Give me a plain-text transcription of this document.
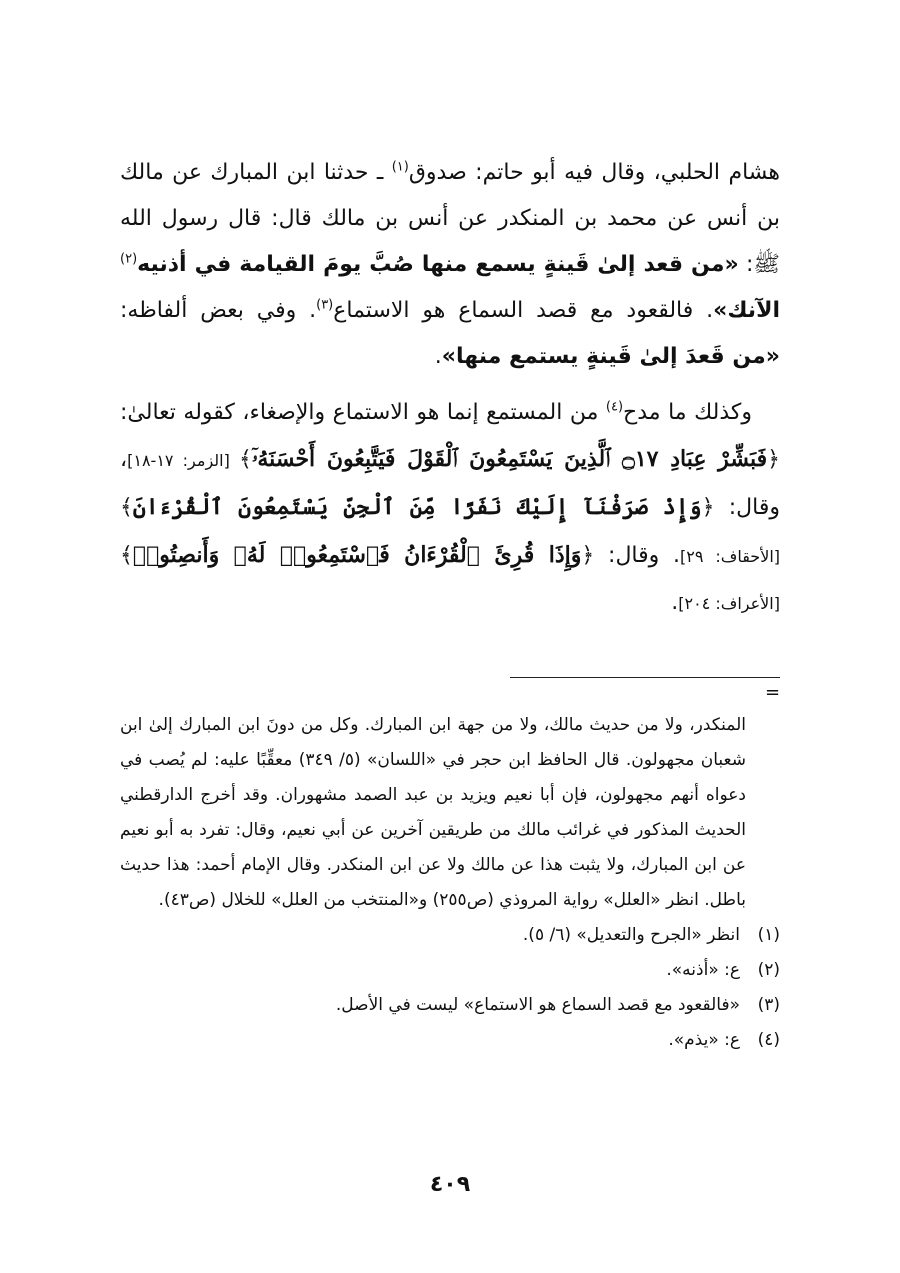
هشام الحلبي، وقال فيه أبو حاتم: صدوق$^{(١)}$ ـ حدثنا ابن المبارك عن مالك بن أنس عن محمد بن المنكدر عن أنس بن مالك قال: قال رسول الله ﷺ: «من قعد إلىٰ قَينةٍ يسمع منها صُبَّ يومَ القيامة في أذنيه$^{(٢)}$ الآنك». فالقعود مع قصد السماع هو الاستماع$^{(٣)}$. وفي بعض ألفاظه: «من قَعدَ إلىٰ قَينةٍ يستمع منها».

وكذلك ما مدح$^{(٤)}$ من المستمع إنما هو الاستماع والإصغاء، كقوله تعالىٰ: ﴿فَبَشِّرْ عِبَادِ ۝١٧ ٱلَّذِينَ يَسْتَمِعُونَ ٱلْقَوْلَ فَيَتَّبِعُونَ أَحْسَنَهُۥٓ﴾ [الزمر: ١٧-١٨]، وقال: ﴿وَإِذْ صَرَفْنَآ إِلَيْكَ نَفَرًا مِّنَ ٱلْجِنِّ يَسْتَمِعُونَ ٱلْقُرْءَانَ﴾ [الأحقاف: ٢٩]. وقال: ﴿وَإِذَا قُرِئَ ٱلْقُرْءَانُ فَٱسْتَمِعُوا۟ لَهُۥ وَأَنصِتُوا۟﴾ [الأعراف: ٢٠٤].

=

المنكدر، ولا من حديث مالك، ولا من جهة ابن المبارك. وكل من دونَ ابن المبارك إلىٰ ابن شعبان مجهولون. قال الحافظ ابن حجر في «اللسان» (٥/ ٣٤٩) معقِّبًا عليه: لم يُصب في دعواه أنهم مجهولون، فإن أبا نعيم ويزيد بن عبد الصمد مشهوران. وقد أخرج الدارقطني الحديث المذكور في غرائب مالك من طريقين آخرين عن أبي نعيم، وقال: تفرد به أبو نعيم عن ابن المبارك، ولا يثبت هذا عن مالك ولا عن ابن المنكدر. وقال الإمام أحمد: هذا حديث باطل. انظر «العلل» رواية المروذي (ص٢٥٥) و«المنتخب من العلل» للخلال (ص٤٣).

(١)
انظر «الجرح والتعديل» (٦/ ٥).
(٢)
ع: «أذنه».
(٣)
«فالقعود مع قصد السماع هو الاستماع» ليست في الأصل.
(٤)
ع: «يذم».
٤٠٩
